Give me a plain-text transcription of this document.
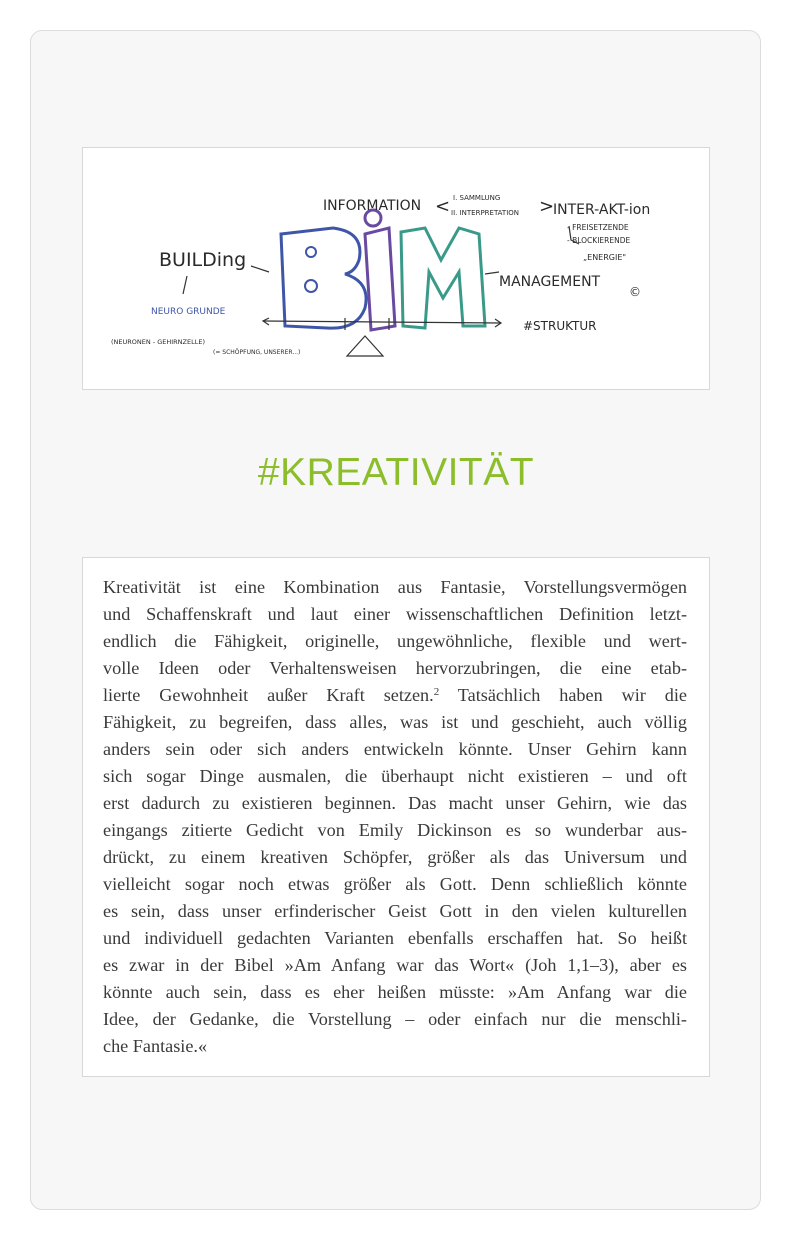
BUILDing
INFORMATION	I. SAMMLUNG
II. INTERPRETATION INTER-AKT-ion
- FREISETZENDE
- BLOCKIERENDE
„ENERGIE"
MANAGEMENT
NEURO GRUNDE
(NEURONEN - GEHIRNZELLE)
(= SCHÖPFUNG, UNSERER...)
#STRUKTUR
©
<	>
#KREATIVITÄT

Kreativität ist eine Kombination aus Fantasie, Vorstellungsvermögen

und Schaffenskraft und laut einer wissenschaftlichen Definition letzt-

endlich die Fähigkeit, originelle, ungewöhnliche, flexible und wert-

volle Ideen oder Verhaltensweisen hervorzubringen, die eine etab-

lierte Gewohnheit außer Kraft setzen.$^2$ Tatsächlich haben wir die

Fähigkeit, zu begreifen, dass alles, was ist und geschieht, auch völlig

anders sein oder sich anders entwickeln könnte. Unser Gehirn kann

sich sogar Dinge ausmalen, die überhaupt nicht existieren – und oft

erst dadurch zu existieren beginnen. Das macht unser Gehirn, wie das

eingangs zitierte Gedicht von Emily Dickinson es so wunderbar aus-

drückt, zu einem kreativen Schöpfer, größer als das Universum und

vielleicht sogar noch etwas größer als Gott. Denn schließlich könnte

es sein, dass unser erfinderischer Geist Gott in den vielen kulturellen

und individuell gedachten Varianten ebenfalls erschaffen hat. So heißt

es zwar in der Bibel »Am Anfang war das Wort« (Joh 1,1–3), aber es

könnte auch sein, dass es eher heißen müsste: »Am Anfang war die

Idee, der Gedanke, die Vorstellung – oder einfach nur die menschli-

che Fantasie.«
